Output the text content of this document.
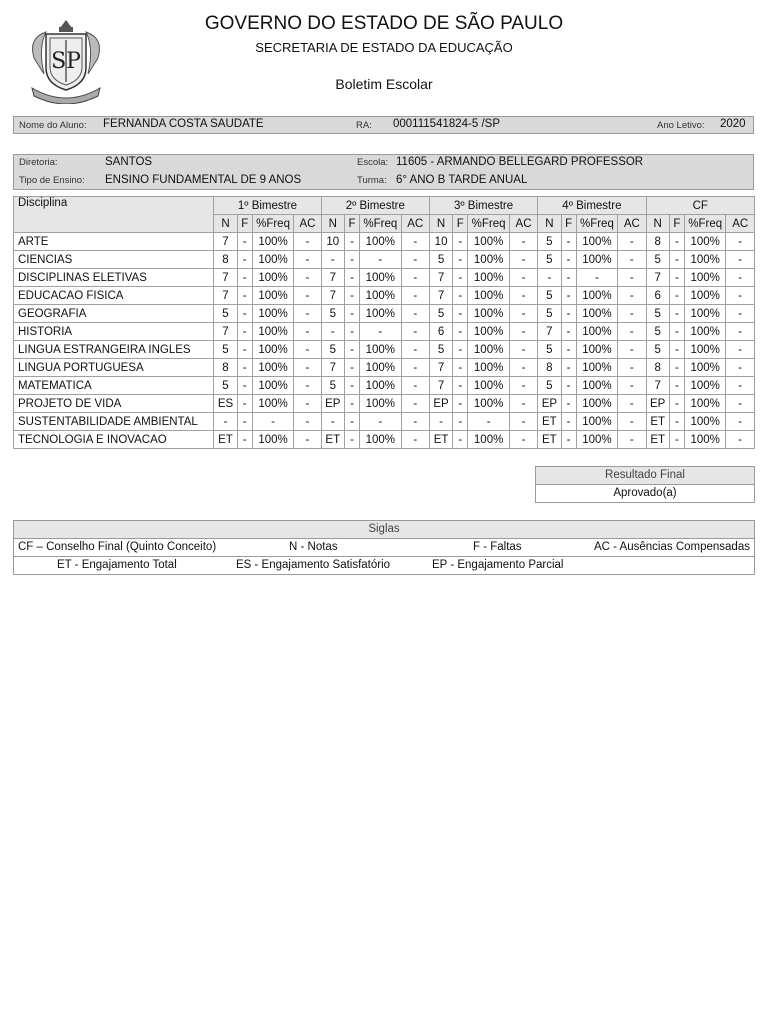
SP
GOVERNO DO ESTADO DE SÃO PAULO
SECRETARIA DE ESTADO DA EDUCAÇÃO
Boletim Escolar
Nome do Aluno: FERNANDA COSTA SAUDATE	RA: 000111541824-5 /SP	Ano Letivo: 2020
Diretoria:	SANTOS	Escola: 11605 - ARMANDO BELLEGARD PROFESSOR
Tipo de Ensino: ENSINO FUNDAMENTAL DE 9 ANOS	Turma: 6° ANO B TARDE ANUAL
Disciplina	1º Bimestre				2º Bimestre				3º Bimestre				4º Bimestre				CF			
	N	F	%Freq	AC	N	F	%Freq	AC	N	F	%Freq	AC	N	F	%Freq	AC	N	F	%Freq	AC
ARTE	7	-	100%	-	10	-	100%	-	10	-	100%	-	5	-	100%	-	8	-	100%	-
CIENCIAS	8	-	100%	-	-	-	-	-	5	-	100%	-	5	-	100%	-	5	-	100%	-
DISCIPLINAS ELETIVAS	7	-	100%	-	7	-	100%	-	7	-	100%	-	-	-	-	-	7	-	100%	-
EDUCACAO FISICA	7	-	100%	-	7	-	100%	-	7	-	100%	-	5	-	100%	-	6	-	100%	-
GEOGRAFIA	5	-	100%	-	5	-	100%	-	5	-	100%	-	5	-	100%	-	5	-	100%	-
HISTORIA	7	-	100%	-	-	-	-	-	6	-	100%	-	7	-	100%	-	5	-	100%	-
LINGUA ESTRANGEIRA INGLES	5	-	100%	-	5	-	100%	-	5	-	100%	-	5	-	100%	-	5	-	100%	-
LINGUA PORTUGUESA	8	-	100%	-	7	-	100%	-	7	-	100%	-	8	-	100%	-	8	-	100%	-
MATEMATICA	5	-	100%	-	5	-	100%	-	7	-	100%	-	5	-	100%	-	7	-	100%	-
PROJETO DE VIDA	ES	-	100%	-	EP	-	100%	-	EP	-	100%	-	EP	-	100%	-	EP	-	100%	-
SUSTENTABILIDADE AMBIENTAL	-	-	-	-	-	-	-	-	-	-	-	-	ET	-	100%	-	ET	-	100%	-
TECNOLOGIA E INOVACAO	ET	-	100%	-	ET	-	100%	-	ET	-	100%	-	ET	-	100%	-	ET	-	100%	-
Resultado Final
Aprovado(a)
Siglas
CF – Conselho Final (Quinto Conceito)	N - Notas	F - Faltas	AC - Ausências Compensadas
ET - Engajamento Total	ES - Engajamento Satisfatório	EP - Engajamento Parcial
